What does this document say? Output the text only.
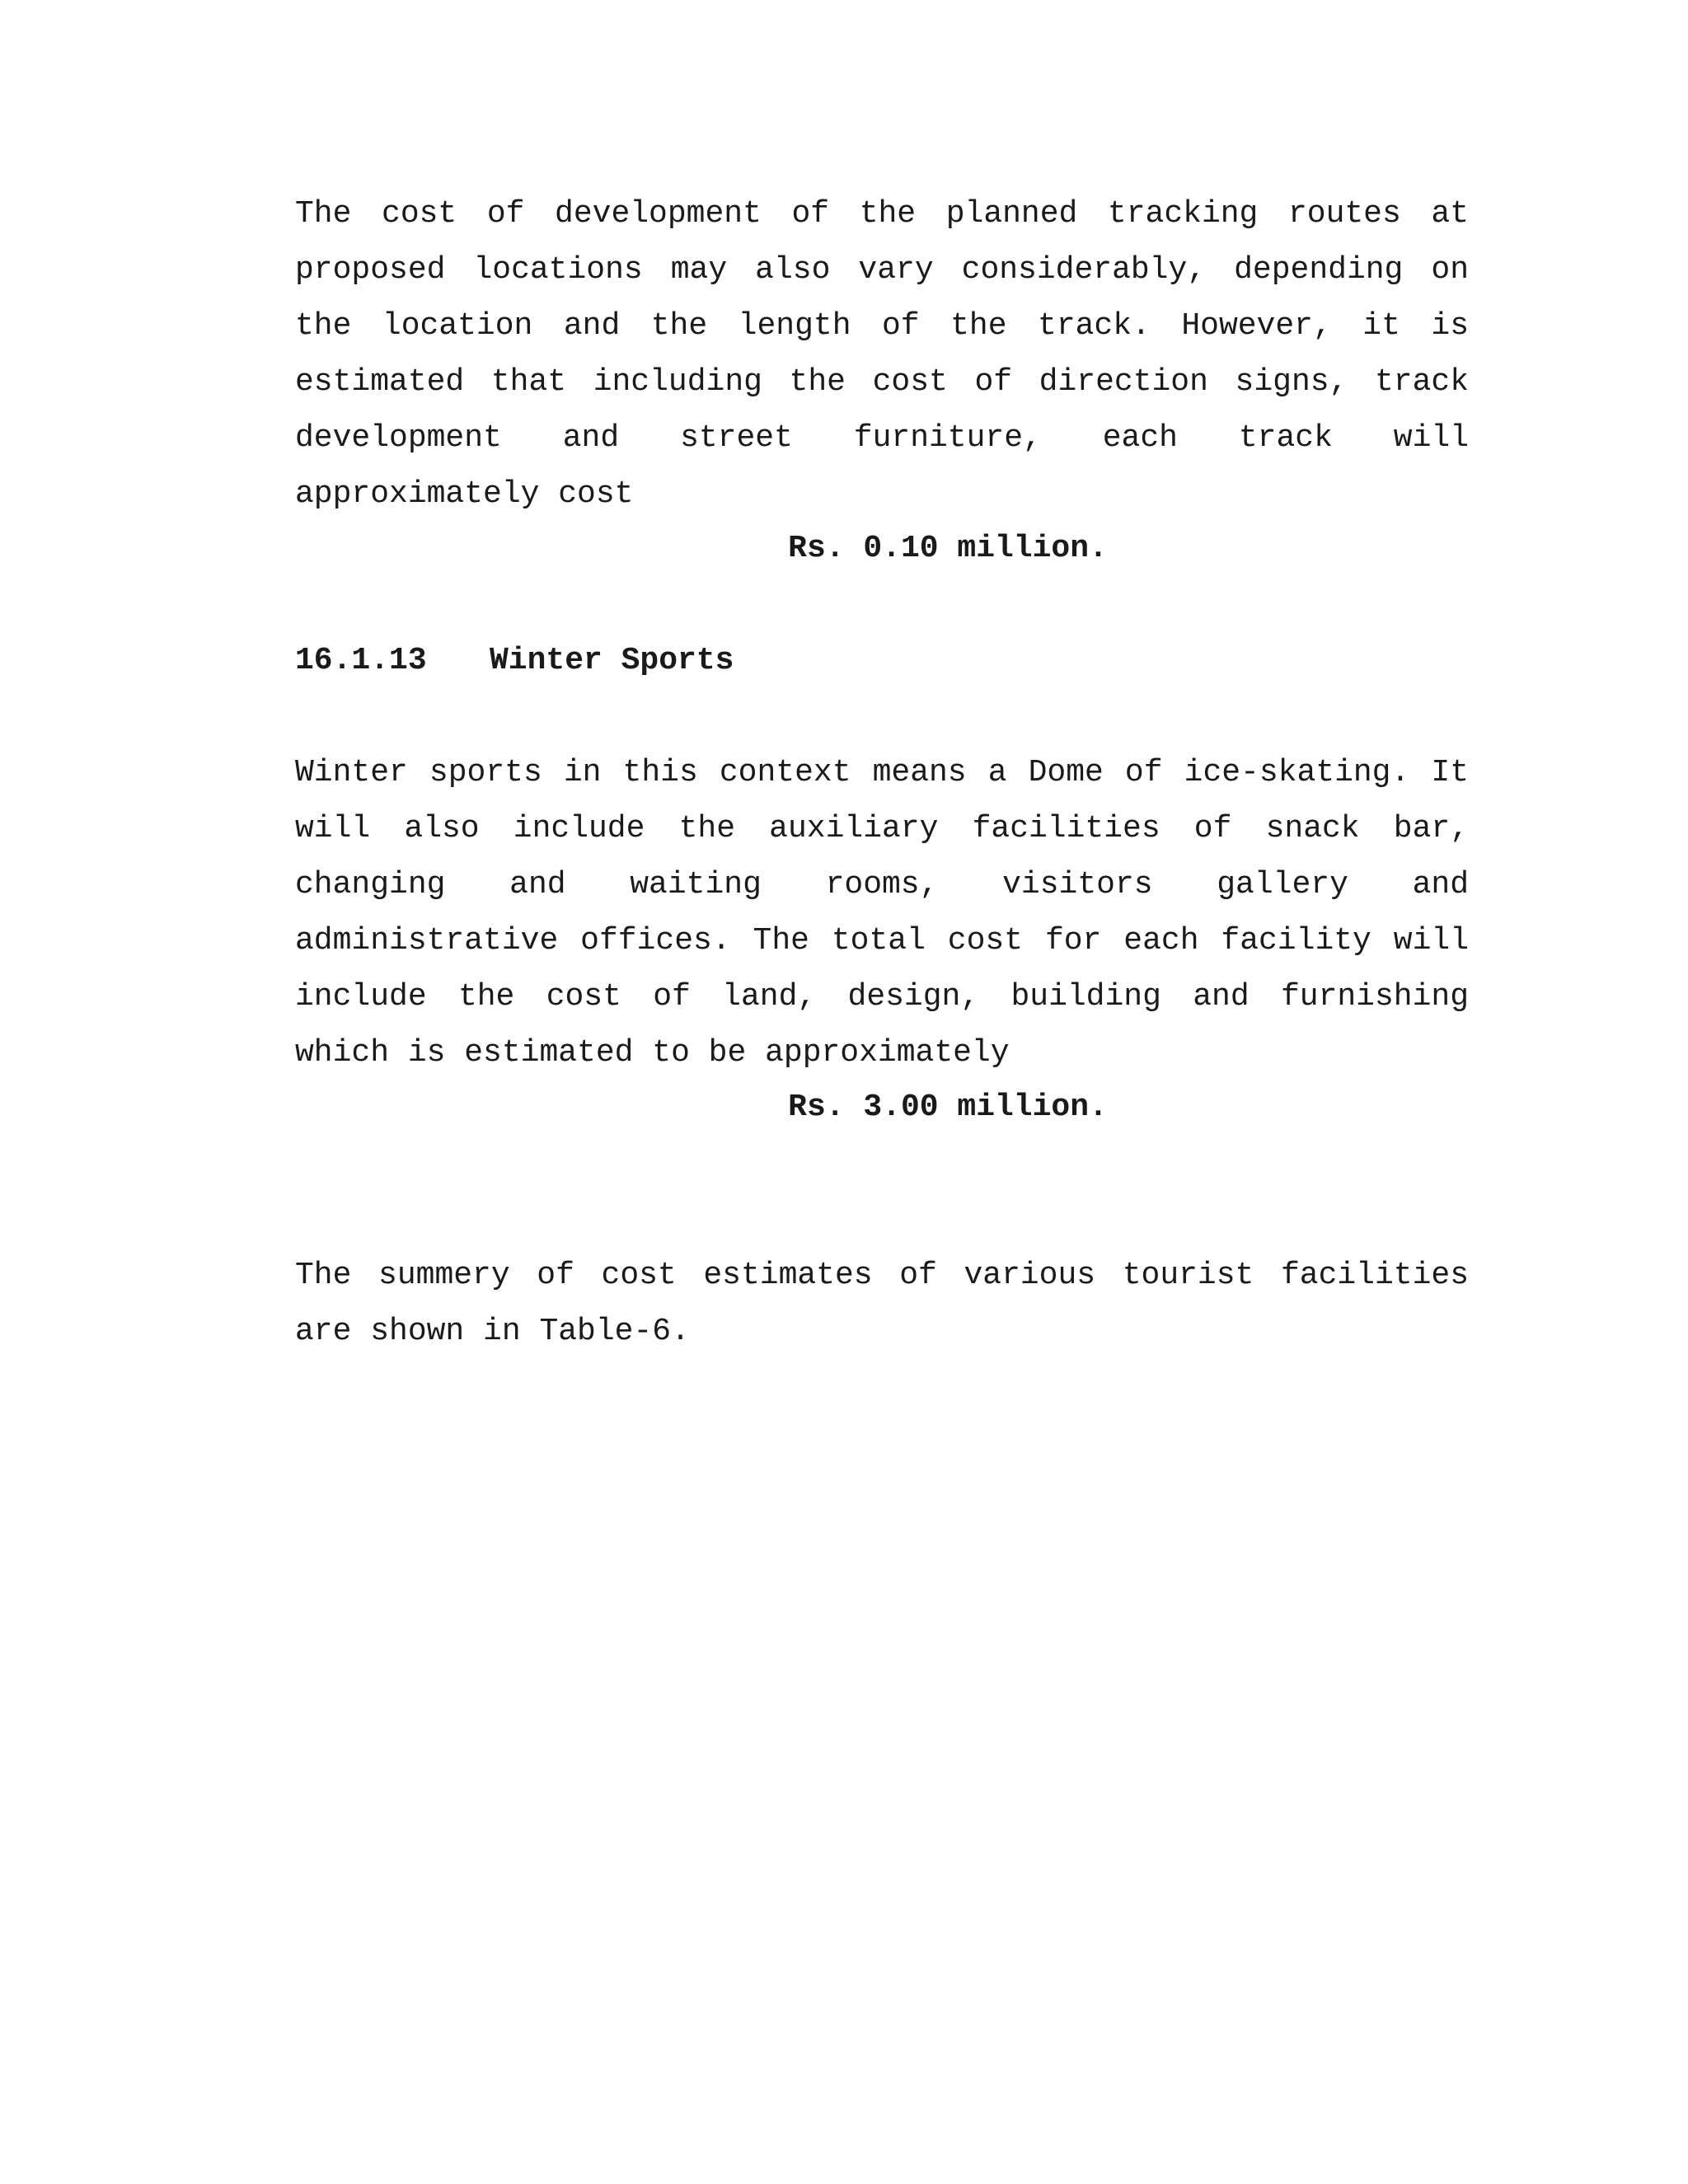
The cost of development of the planned tracking routes at proposed locations may also vary considerably, depending on the location and the length of the track. However, it is estimated that including the cost of direction signs, track development and street furniture, each track will approximately cost

Rs. 0.10 million.
16.1.13 Winter Sports

Winter sports in this context means a Dome of ice-skating. It will also include the auxiliary facilities of snack bar, changing and waiting rooms, visitors gallery and administrative offices. The total cost for each facility will include the cost of land, design, building and furnishing which is estimated to be approximately

Rs. 3.00 million.

The summery of cost estimates of various tourist facilities are shown in Table-6.
